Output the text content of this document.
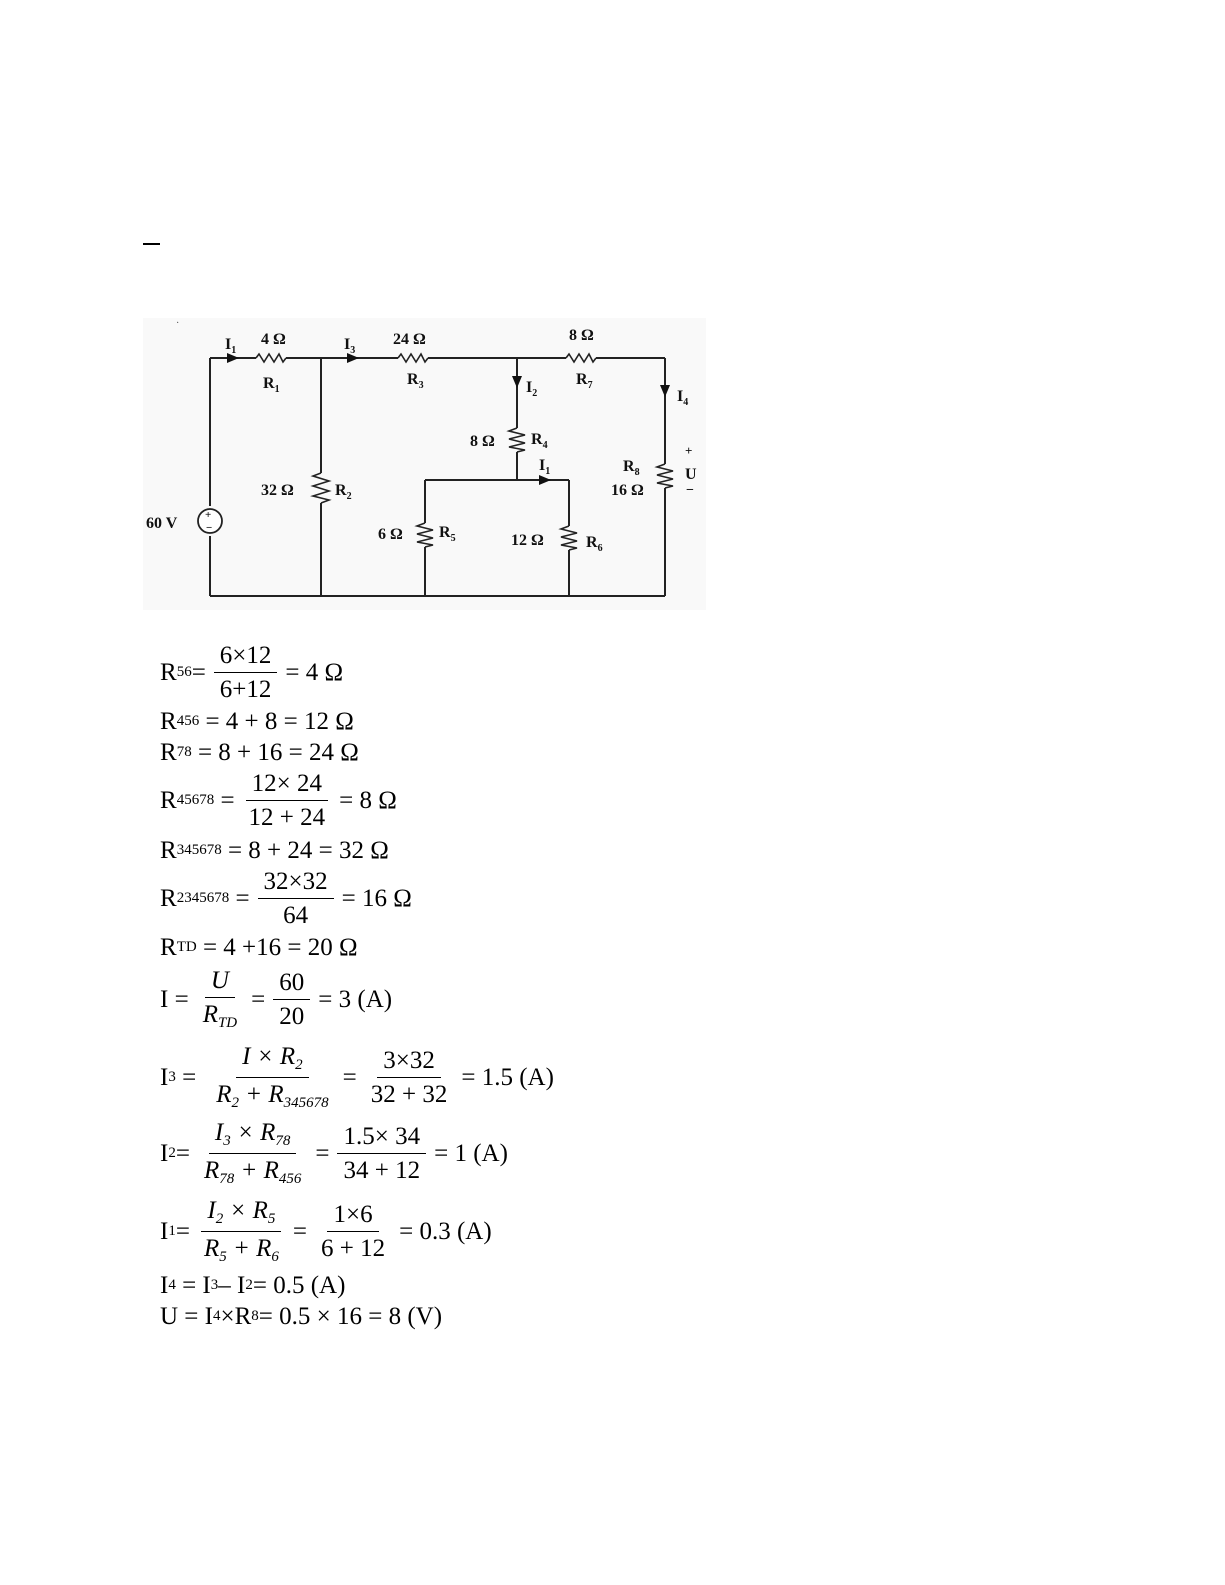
+
−
$I_1$	$I_3$
$I_2$
$I_1$
$I_4$
4 Ω
$R_1$
24 Ω
$R_3$
8 Ω
$R_7$
32 Ω	$R_2$
8 Ω $R_4$
6 Ω $R_5$	12 Ω	$R_6$
$R_8$
16 Ω
+
U
−
60 V
·
R $56 = \frac{6\times 12}{6+12} = 4$ Ω
R 456
= 4 + 8 = 12 Ω
R 78
= 8 + 16 = 24 Ω
R 45678
= $\frac{12\times 24}{12 + 24} = 8$ Ω
R 345678
= 8 + 24 = 32 Ω
R 2345678
= $\frac{32\times 32}{64} = 16$ Ω
R TD
= 4 +16 = 20 Ω
$I = \frac{U}{R_{TD}} = \frac{60}{20} = 3$ (A)
I 3
= $\frac{I \times R_2}{R_2 + R_{345678}} = \frac{3\times 32}{32 + 32} = 1.5$ (A)
I $2 = \frac{I_3 \times R_{78}}{R_{78} + R_{456}} = \frac{1.5\times 34}{34 + 12} = 1$ (A)
I $1 = \frac{I_2 \times R_5}{R_5 + R_6} = \frac{1\times 6}{6 + 12} = 0.3$ (A)
I 4
= I 3 – I 2 = 0.5 (A)
U = I 4 ×R 8 = 0.5 × 16 = 8 (V)
